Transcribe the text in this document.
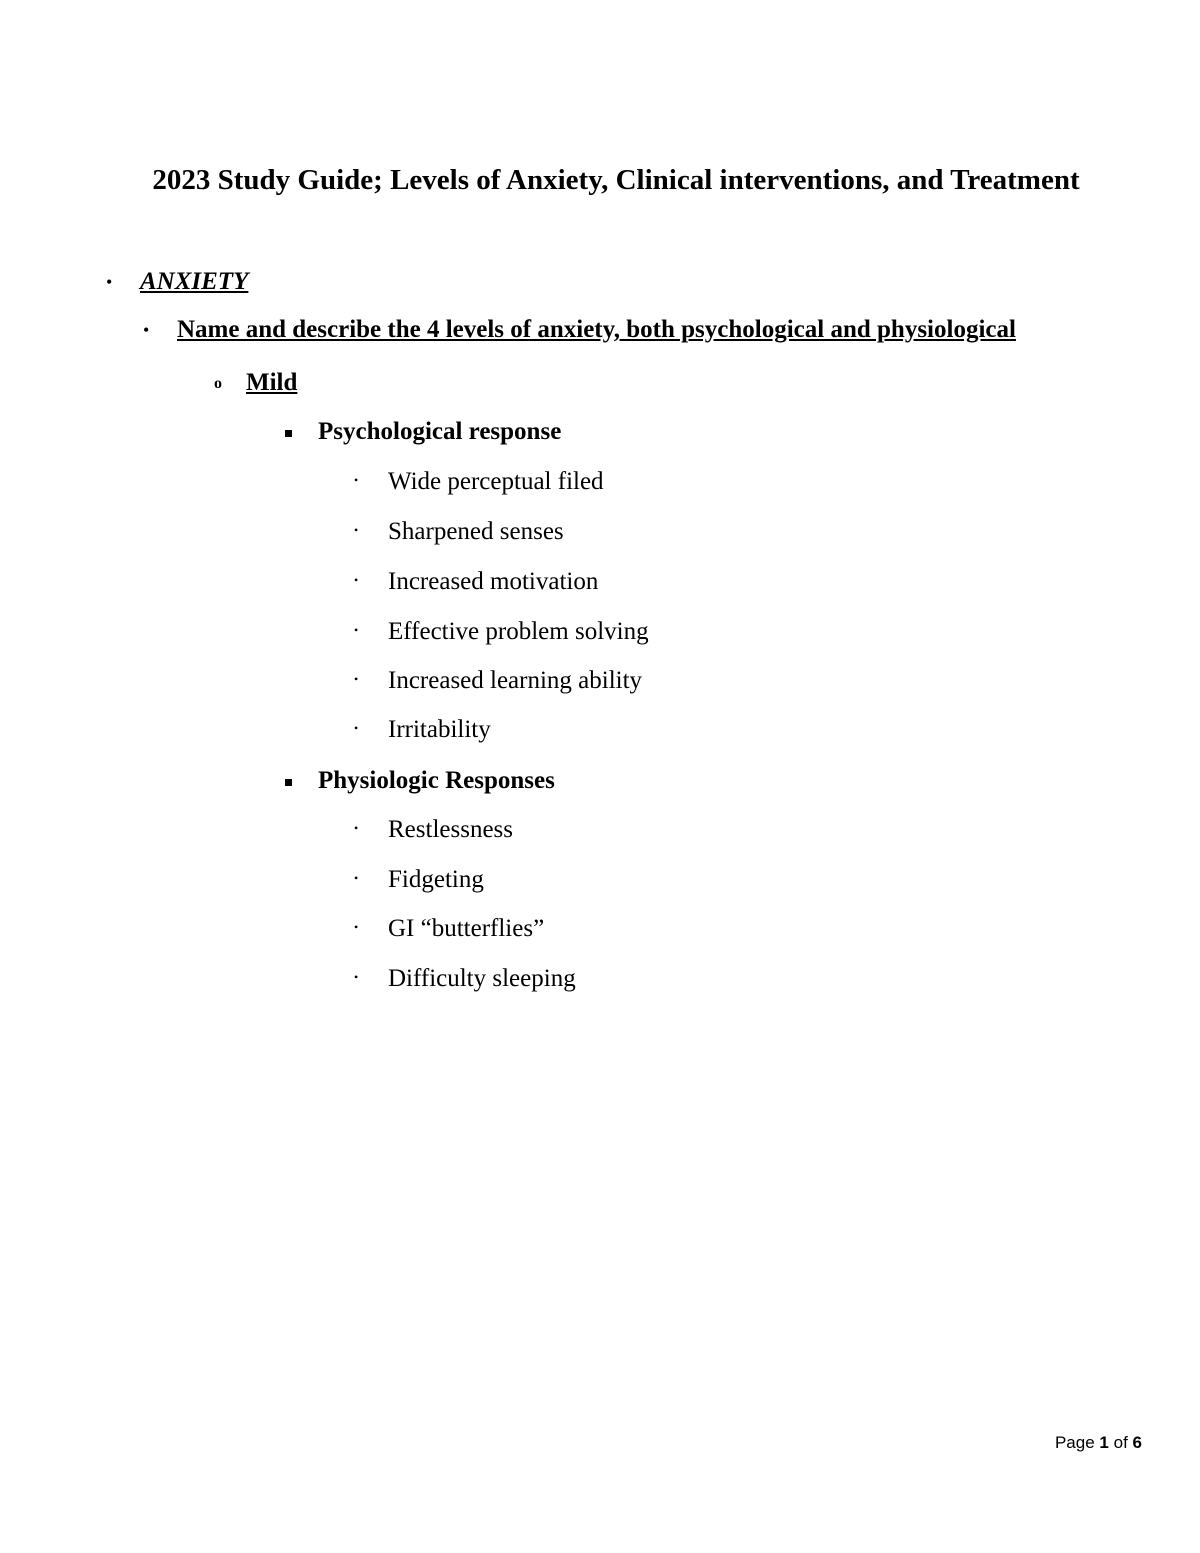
2023 Study Guide; Levels of Anxiety, Clinical interventions, and Treatment
• ANXIETY
• Name and describe the 4 levels of anxiety, both psychological and physiological
o Mild
Psychological response
• Wide perceptual filed
• Sharpened senses
• Increased motivation
• Effective problem solving
• Increased learning ability
• Irritability
Physiologic Responses
• Restlessness
• Fidgeting
• GI “butterflies”
• Difficulty sleeping
Page 1 of 6
